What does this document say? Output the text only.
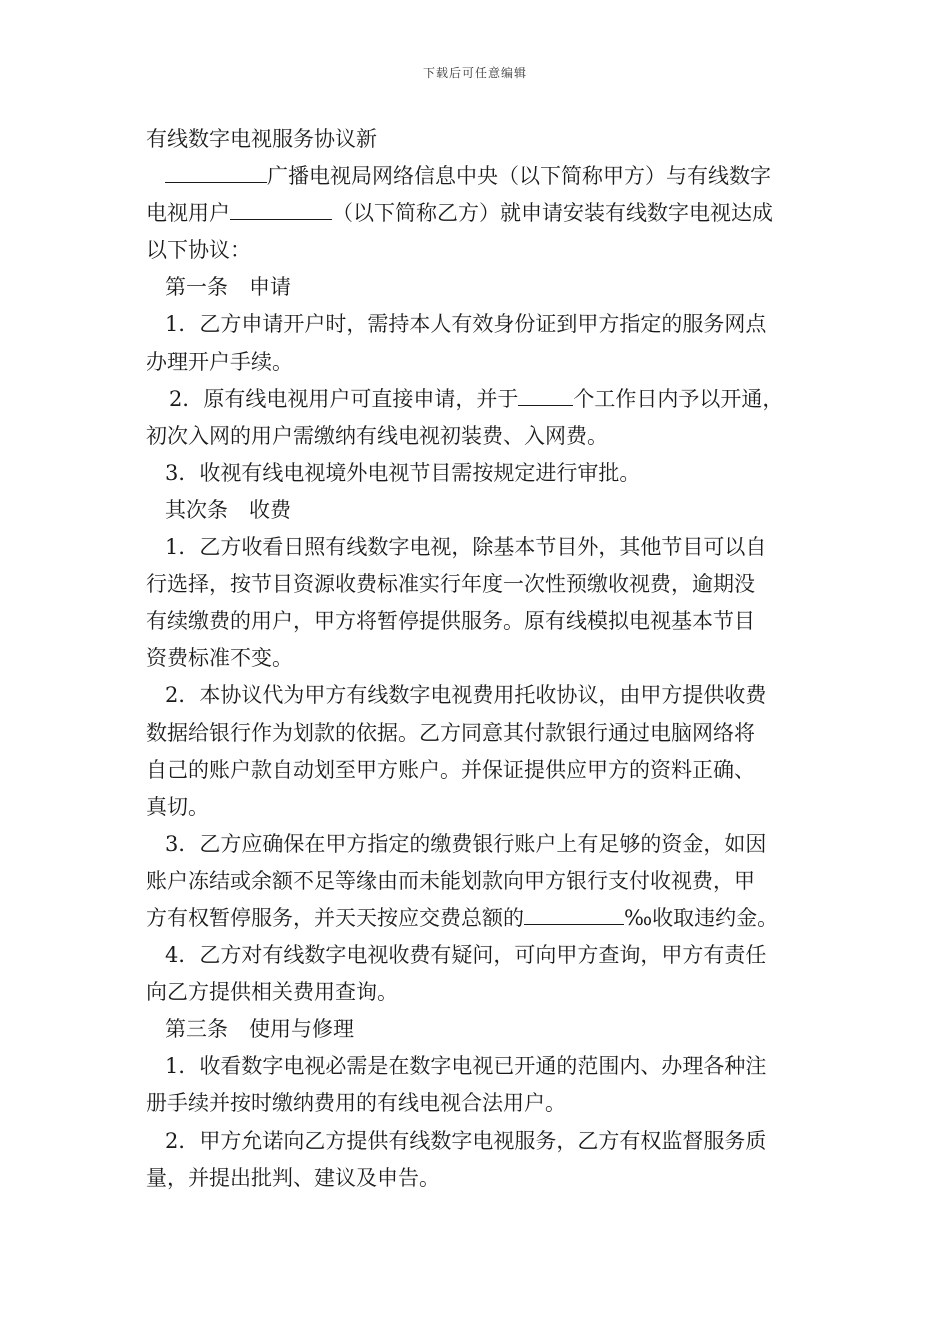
下载后可任意编辑
有线数字电视服务协议新
广播电视局网络信息中央（以下简称甲方）与有线数字
电视用户	（以下简称乙方）就申请安装有线数字电视达成
以下协议：
第一条 申请
1．乙方申请开户时，需持本人有效身份证到甲方指定的服务网点
办理开户手续。
2．原有线电视用户可直接申请，并于	个工作日内予以开通，
初次入网的用户需缴纳有线电视初装费、入网费。
3．收视有线电视境外电视节目需按规定进行审批。
其次条 收费
1．乙方收看日照有线数字电视，除基本节目外，其他节目可以自
行选择，按节目资源收费标准实行年度一次性预缴收视费，逾期没
有续缴费的用户，甲方将暂停提供服务。原有线模拟电视基本节目
资费标准不变。
2．本协议代为甲方有线数字电视费用托收协议，由甲方提供收费
数据给银行作为划款的依据。乙方同意其付款银行通过电脑网络将
自己的账户款自动划至甲方账户。并保证提供应甲方的资料正确、
真切。
3．乙方应确保在甲方指定的缴费银行账户上有足够的资金，如因
账户冻结或余额不足等缘由而未能划款向甲方银行支付收视费，甲
方有权暂停服务，并天天按应交费总额的	‰收取违约金。
4．乙方对有线数字电视收费有疑问，可向甲方查询，甲方有责任
向乙方提供相关费用查询。
第三条 使用与修理
1．收看数字电视必需是在数字电视已开通的范围内、办理各种注
册手续并按时缴纳费用的有线电视合法用户。
2．甲方允诺向乙方提供有线数字电视服务，乙方有权监督服务质
量，并提出批判、建议及申告。
